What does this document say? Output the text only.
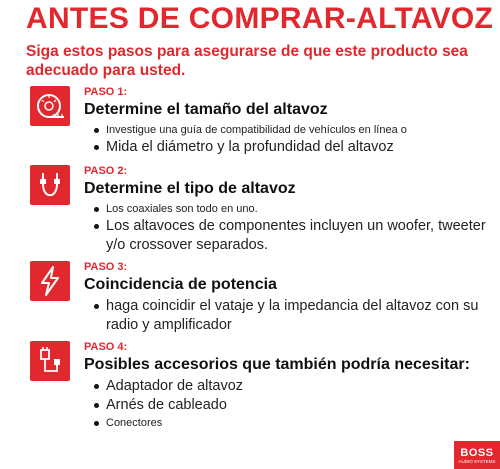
ANTES DE COMPRAR-ALTAVOZ
Siga estos pasos para asegurarse de que este producto sea adecuado para usted.
PASO 1:
Determine el tamaño del altavoz
Investigue una guía de compatibilidad de vehículos en línea o
Mida el diámetro y la profundidad del altavoz
PASO 2:
Determine el tipo de altavoz
Los coaxiales son todo en uno.
Los altavoces de componentes incluyen un woofer, tweeter y/o crossover separados.
PASO 3:
Coincidencia de potencia
haga coincidir el vataje y la impedancia del altavoz con su radio y amplificador
PASO 4:
Posibles accesorios que también podría necesitar:
Adaptador de altavoz
Arnés de cableado
Conectores
BOSS
AUDIO SYSTEMS
